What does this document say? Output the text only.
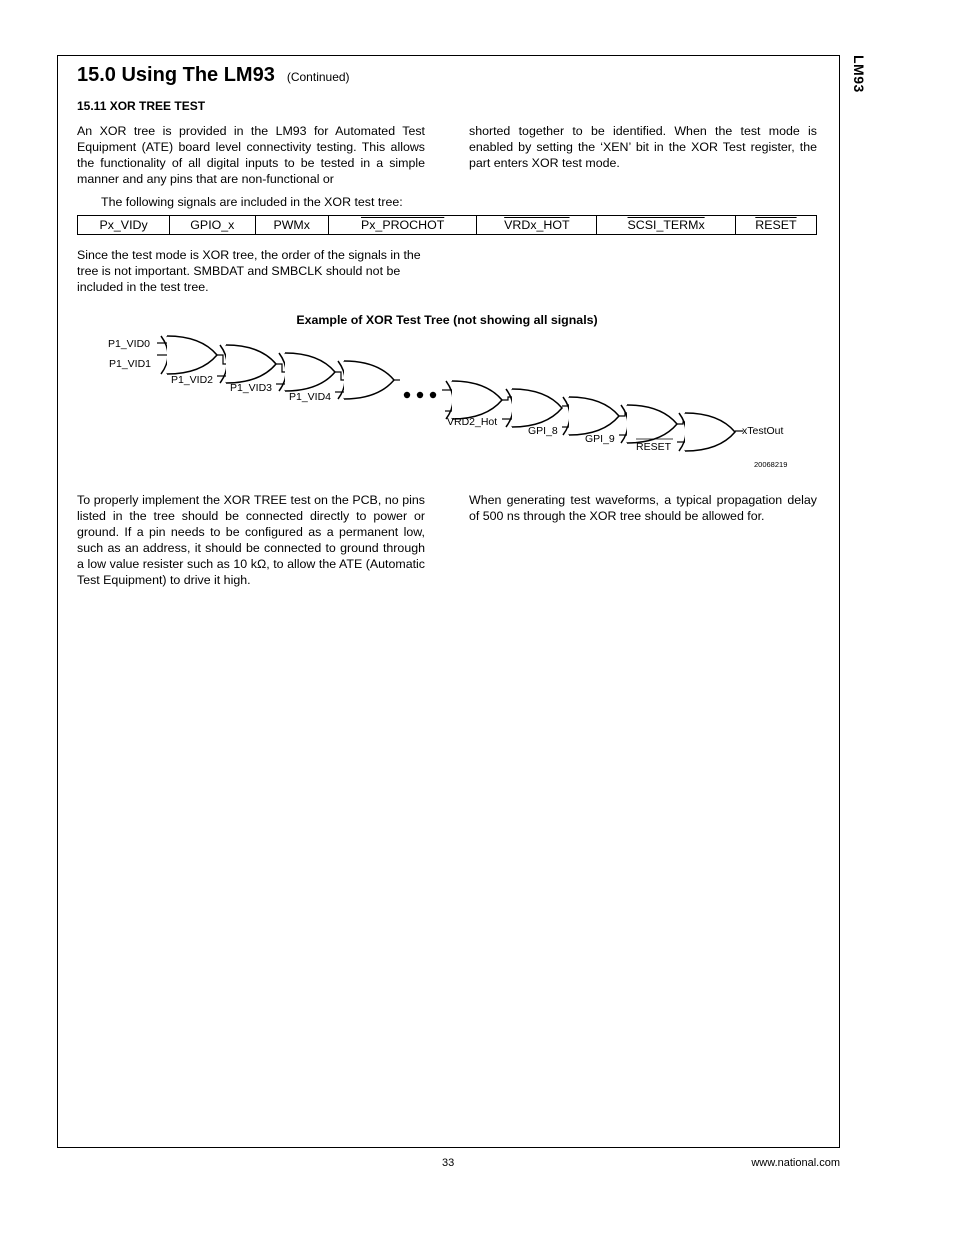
LM93
15.0 Using The LM93 (Continued)
15.11 XOR TREE TEST
An XOR tree is provided in the LM93 for Automated Test Equipment (ATE) board level connectivity testing. This allows the functionality of all digital inputs to be tested in a simple manner and any pins that are non-functional or
shorted together to be identified. When the test mode is enabled by setting the ‘XEN’ bit in the XOR Test register, the part enters XOR test mode.
The following signals are included in the XOR test tree:
Px_VIDy	GPIO_x	PWMx	Px_PROCHOT	VRDx_HOT	SCSI_TERMx	RESET
Since the test mode is XOR tree, the order of the signals in the tree is not important. SMBDAT and SMBCLK should not be included in the test tree.
Example of XOR Test Tree (not showing all signals)
P1_VID0
P1_VID1
P1_VID2
P1_VID3
P1_VID4
VRD2_Hot
GPI_8
GPI_9
RESET
xTestOut
20068219
To properly implement the XOR TREE test on the PCB, no pins listed in the tree should be connected directly to power or ground. If a pin needs to be configured as a permanent low, such as an address, it should be connected to ground through a low value resister such as 10 kΩ, to allow the ATE (Automatic Test Equipment) to drive it high.
When generating test waveforms, a typical propagation delay of 500 ns through the XOR tree should be allowed for.
33	www.national.com
